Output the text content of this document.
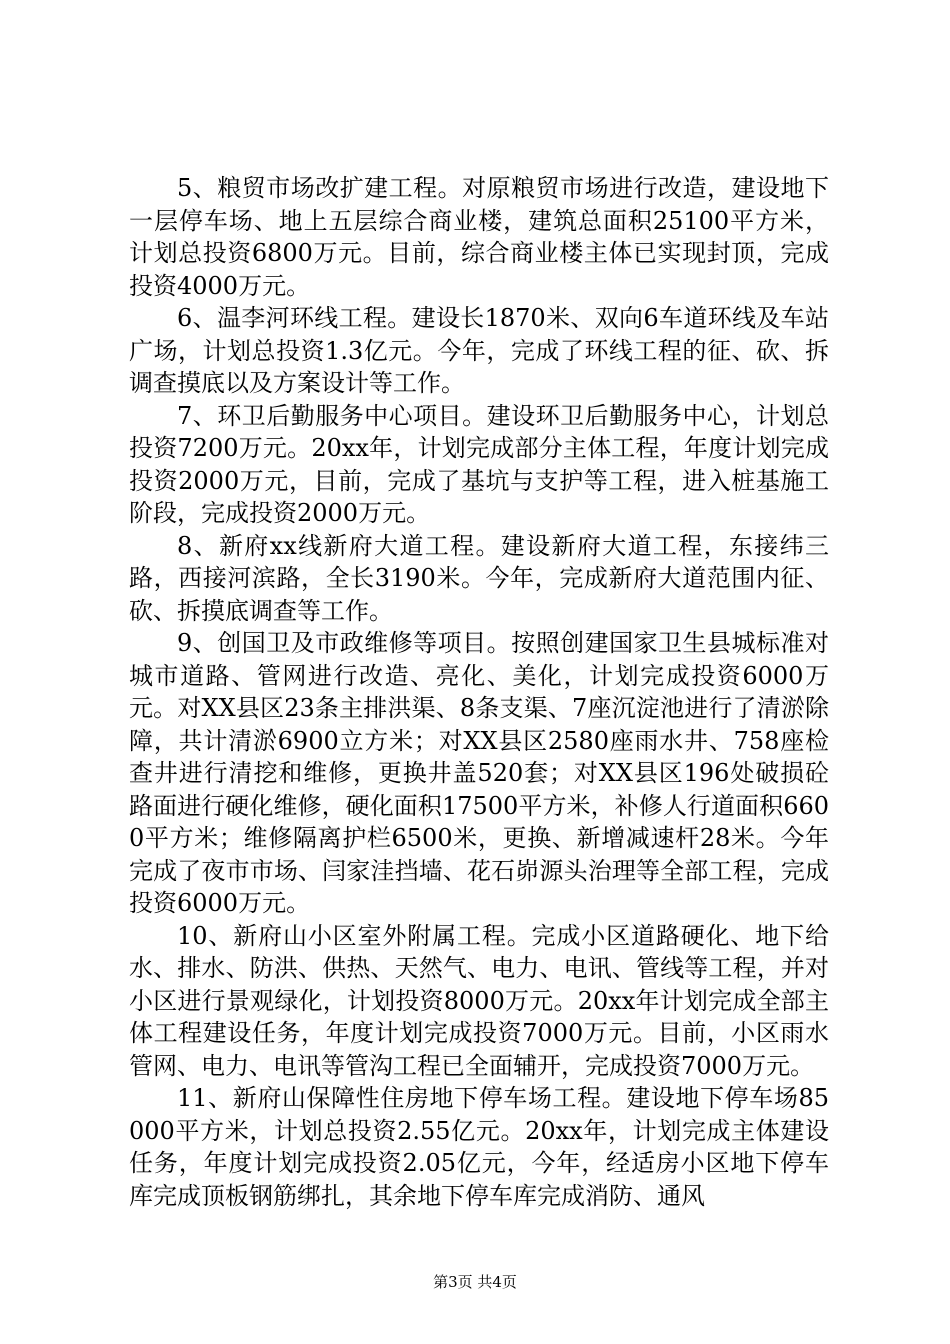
5、粮贸市场改扩建工程。对原粮贸市场进行改造，建设地下一层停车场、地上五层综合商业楼，建筑总面积25100平方米，计划总投资6800万元。目前，综合商业楼主体已实现封顶，完成投资4000万元。

6、温李河环线工程。建设长1870米、双向6车道环线及车站广场，计划总投资1.3亿元。今年，完成了环线工程的征、砍、拆调查摸底以及方案设计等工作。

7、环卫后勤服务中心项目。建设环卫后勤服务中心，计划总投资7200万元。20xx年，计划完成部分主体工程，年度计划完成投资2000万元，目前，完成了基坑与支护等工程，进入桩基施工阶段，完成投资2000万元。

8、新府xx线新府大道工程。建设新府大道工程，东接纬三路，西接河滨路，全长3190米。今年，完成新府大道范围内征、砍、拆摸底调查等工作。

9、创国卫及市政维修等项目。按照创建国家卫生县城标准对城市道路、管网进行改造、亮化、美化，计划完成投资6000万元。对XX县区23条主排洪渠、8条支渠、7座沉淀池进行了清淤除障，共计清淤6900立方米；对XX县区2580座雨水井、758座检查井进行清挖和维修，更换井盖520套；对XX县区196处破损砼路面进行硬化维修，硬化面积17500平方米，补修人行道面积6600平方米；维修隔离护栏6500米，更换、新增减速杆28米。今年完成了夜市市场、闫家洼挡墙、花石峁源头治理等全部工程，完成投资6000万元。

10、新府山小区室外附属工程。完成小区道路硬化、地下给水、排水、防洪、供热、天然气、电力、电讯、管线等工程，并对小区进行景观绿化，计划投资8000万元。20xx年计划完成全部主体工程建设任务，年度计划完成投资7000万元。目前，小区雨水管网、电力、电讯等管沟工程已全面辅开，完成投资7000万元。

11、新府山保障性住房地下停车场工程。建设地下停车场85000平方米，计划总投资2.55亿元。20xx年，计划完成主体建设任务，年度计划完成投资2.05亿元，今年，经适房小区地下停车库完成顶板钢筋绑扎，其余地下停车库完成消防、通风

第3页 共4页
